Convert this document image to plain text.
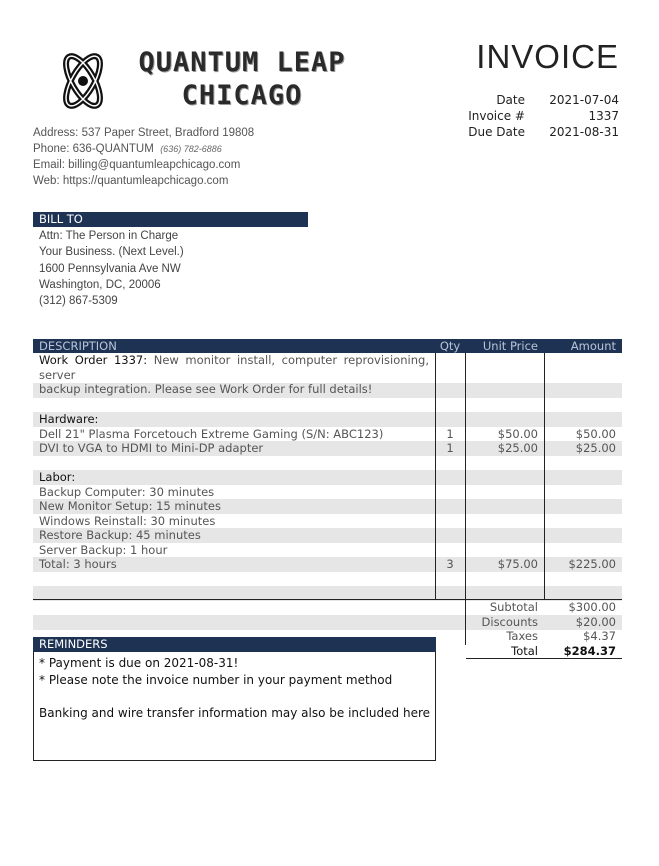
QUANTUM LEAP
CHICAGO
INVOICE
Date	2021-07-04
Invoice #	1337
Due Date	2021-08-31
Address: 537 Paper Street, Bradford 19808
Phone: 636-QUANTUM (636) 782-6886
Email: billing@quantumleapchicago.com
Web: https://quantumleapchicago.com
BILL TO
Attn: The Person in Charge
Your Business. (Next Level.)
1600 Pennsylvania Ave NW
Washington, DC, 20006
(312) 867-5309
DESCRIPTION	Qty	Unit Price	Amount
Work Order 1337: New monitor install, computer reprovisioning, server
backup integration. Please see Work Order for full details!
Hardware:
Dell 21" Plasma Forcetouch Extreme Gaming (S/N: ABC123)	1	$50.00	$50.00
DVI to VGA to HDMI to Mini-DP adapter	1	$25.00	$25.00
Labor:
Backup Computer: 30 minutes
New Monitor Setup: 15 minutes
Windows Reinstall: 30 minutes
Restore Backup: 45 minutes
Server Backup: 1 hour
Total: 3 hours	3	$75.00	$225.00
Subtotal	$300.00
Discounts	$20.00
Taxes	$4.37
Total	$284.37
REMINDERS
* Payment is due on 2021-08-31!
* Please note the invoice number in your payment method
Banking and wire transfer information may also be included here
